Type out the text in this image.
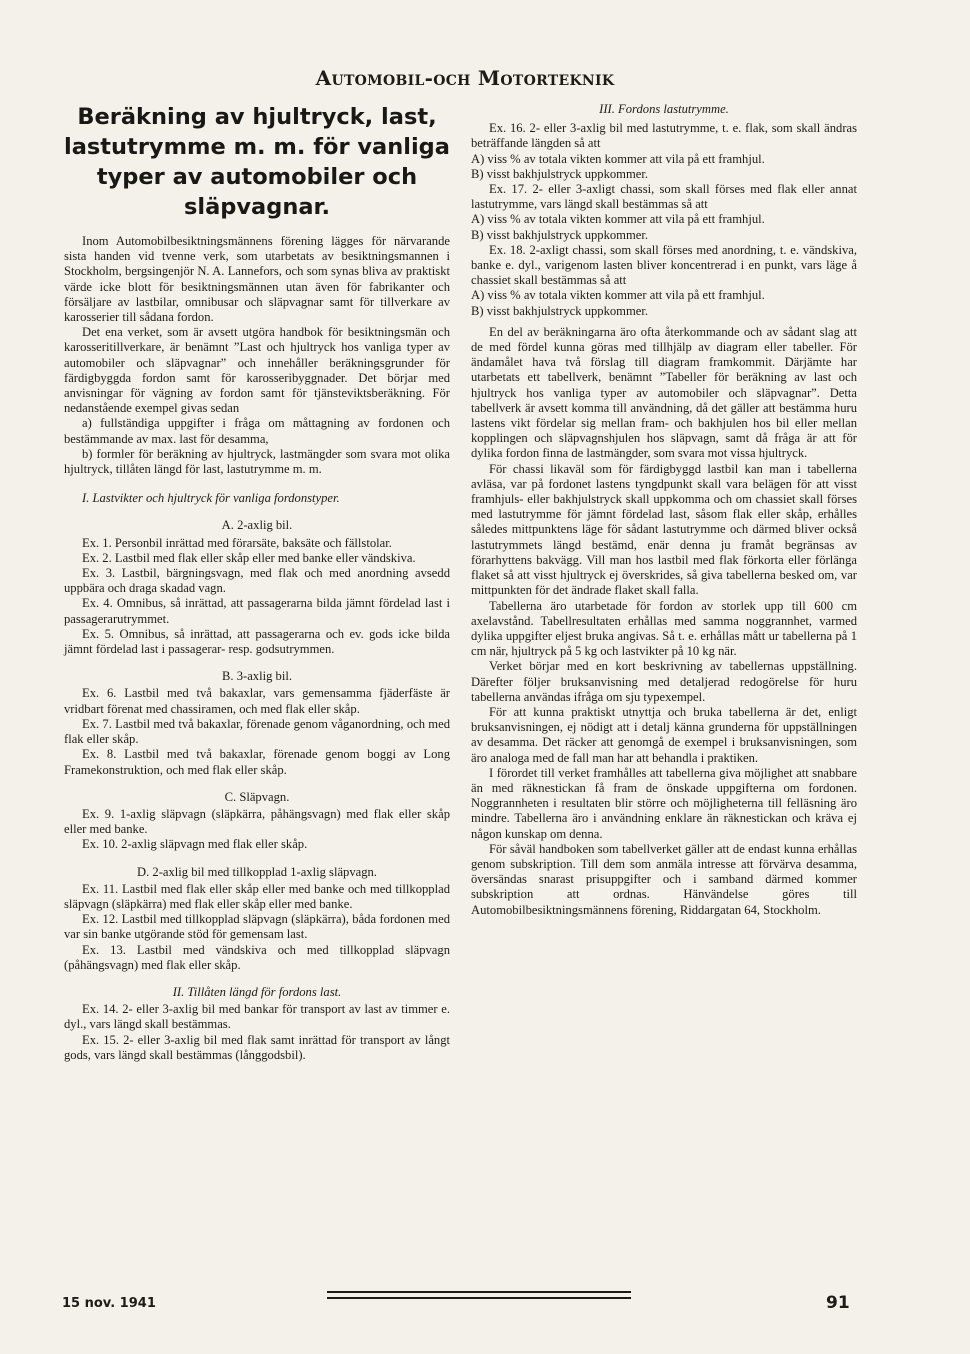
Automobil-och Motorteknik
Beräkning av hjultryck, last, lastutrymme m. m. för vanliga typer av automobiler och släpvagnar.

Inom Automobilbesiktningsmännens förening lägges för närvarande sista handen vid tvenne verk, som utarbetats av besiktningsmannen i Stockholm, bergsingenjör N. A. Lannefors, och som synas bliva av praktiskt värde icke blott för besiktningsmännen utan även för fabrikanter och försäljare av lastbilar, omnibusar och släpvagnar samt för tillverkare av karosserier till sådana fordon.

Det ena verket, som är avsett utgöra handbok för besiktningsmän och karosseritillverkare, är benämnt ”Last och hjultryck hos vanliga typer av automobiler och släpvagnar” och innehåller beräkningsgrunder för färdigbyggda fordon samt för karosseribyggnader. Det börjar med anvisningar för vägning av fordon samt för tjänsteviktsberäkning. För nedanstående exempel givas sedan

a) fullständiga uppgifter i fråga om måttagning av fordonen och bestämmande av max. last för desamma,

b) formler för beräkning av hjultryck, lastmängder som svara mot olika hjultryck, tillåten längd för last, lastutrymme m. m.

I. Lastvikter och hjultryck för vanliga fordonstyper.

A. 2-axlig bil.

Ex. 1. Personbil inrättad med förarsäte, baksäte och fällstolar.

Ex. 2. Lastbil med flak eller skåp eller med banke eller vändskiva.

Ex. 3. Lastbil, bärgningsvagn, med flak och med anordning avsedd uppbära och draga skadad vagn.

Ex. 4. Omnibus, så inrättad, att passagerarna bilda jämnt fördelad last i passagerarutrymmet.

Ex. 5. Omnibus, så inrättad, att passagerarna och ev. gods icke bilda jämnt fördelad last i passagerar- resp. godsutrymmen.

B. 3-axlig bil.

Ex. 6. Lastbil med två bakaxlar, vars gemensamma fjäderfäste är vridbart förenat med chassiramen, och med flak eller skåp.

Ex. 7. Lastbil med två bakaxlar, förenade genom våganordning, och med flak eller skåp.

Ex. 8. Lastbil med två bakaxlar, förenade genom boggi av Long Framekonstruktion, och med flak eller skåp.

C. Släpvagn.

Ex. 9. 1-axlig släpvagn (släpkärra, påhängsvagn) med flak eller skåp eller med banke.

Ex. 10. 2-axlig släpvagn med flak eller skåp.

D. 2-axlig bil med tillkopplad 1-axlig släpvagn.

Ex. 11. Lastbil med flak eller skåp eller med banke och med tillkopplad släpvagn (släpkärra) med flak eller skåp eller med banke.

Ex. 12. Lastbil med tillkopplad släpvagn (släpkärra), båda fordonen med var sin banke utgörande stöd för gemensam last.

Ex. 13. Lastbil med vändskiva och med tillkopplad släpvagn (påhängsvagn) med flak eller skåp.

II. Tillåten längd för fordons last.

Ex. 14. 2- eller 3-axlig bil med bankar för transport av last av timmer e. dyl., vars längd skall bestämmas.

Ex. 15. 2- eller 3-axlig bil med flak samt inrättad för transport av långt gods, vars längd skall bestämmas (långgodsbil).

III. Fordons lastutrymme.

Ex. 16. 2- eller 3-axlig bil med lastutrymme, t. e. flak, som skall ändras beträffande längden så att

A) viss % av totala vikten kommer att vila på ett framhjul.

B) visst bakhjulstryck uppkommer.

Ex. 17. 2- eller 3-axligt chassi, som skall förses med flak eller annat lastutrymme, vars längd skall bestämmas så att

A) viss % av totala vikten kommer att vila på ett framhjul.

B) visst bakhjulstryck uppkommer.

Ex. 18. 2-axligt chassi, som skall förses med anordning, t. e. vändskiva, banke e. dyl., varigenom lasten bliver koncentrerad i en punkt, vars läge å chassiet skall bestämmas så att

A) viss % av totala vikten kommer att vila på ett framhjul.

B) visst bakhjulstryck uppkommer.

En del av beräkningarna äro ofta återkommande och av sådant slag att de med fördel kunna göras med tillhjälp av diagram eller tabeller. För ändamålet hava två förslag till diagram framkommit. Därjämte har utarbetats ett tabellverk, benämnt ”Tabeller för beräkning av last och hjultryck hos vanliga typer av automobiler och släpvagnar”. Detta tabellverk är avsett komma till användning, då det gäller att bestämma huru lastens vikt fördelar sig mellan fram- och bakhjulen hos bil eller mellan kopplingen och släpvagnshjulen hos släpvagn, samt då fråga är att för dylika fordon finna de lastmängder, som svara mot vissa hjultryck.

För chassi likaväl som för färdigbyggd lastbil kan man i tabellerna avläsa, var på fordonet lastens tyngdpunkt skall vara belägen för att visst framhjuls- eller bakhjulstryck skall uppkomma och om chassiet skall förses med lastutrymme för jämnt fördelad last, såsom flak eller skåp, erhålles således mittpunktens läge för sådant lastutrymme och därmed bliver också lastutrymmets längd bestämd, enär denna ju framåt begränsas av förarhyttens bakvägg. Vill man hos lastbil med flak förkorta eller förlänga flaket så att visst hjultryck ej överskrides, så giva tabellerna besked om, var mittpunkten för det ändrade flaket skall falla.

Tabellerna äro utarbetade för fordon av storlek upp till 600 cm axelavstånd. Tabellresultaten erhållas med samma noggrannhet, varmed dylika uppgifter eljest bruka angivas. Så t. e. erhållas mått ur tabellerna på 1 cm när, hjultryck på 5 kg och lastvikter på 10 kg när.

Verket börjar med en kort beskrivning av tabellernas uppställning. Därefter följer bruksanvisning med detaljerad redogörelse för huru tabellerna användas ifråga om sju typexempel.

För att kunna praktiskt utnyttja och bruka tabellerna är det, enligt bruksanvisningen, ej nödigt att i detalj känna grunderna för uppställningen av desamma. Det räcker att genomgå de exempel i bruksanvisningen, som äro analoga med de fall man har att behandla i praktiken.

I förordet till verket framhålles att tabellerna giva möjlighet att snabbare än med räknestickan få fram de önskade uppgifterna om fordonen. Noggrannheten i resultaten blir större och möjligheterna till felläsning äro mindre. Tabellerna äro i användning enklare än räknestickan och kräva ej någon kunskap om denna.

För såväl handboken som tabellverket gäller att de endast kunna erhållas genom subskription. Till dem som anmäla intresse att förvärva desamma, översändas snarast prisuppgifter och i samband därmed kommer subskription att ordnas. Hänvändelse göres till Automobilbesiktningsmännens förening, Riddargatan 64, Stockholm.

15 nov. 1941	91
